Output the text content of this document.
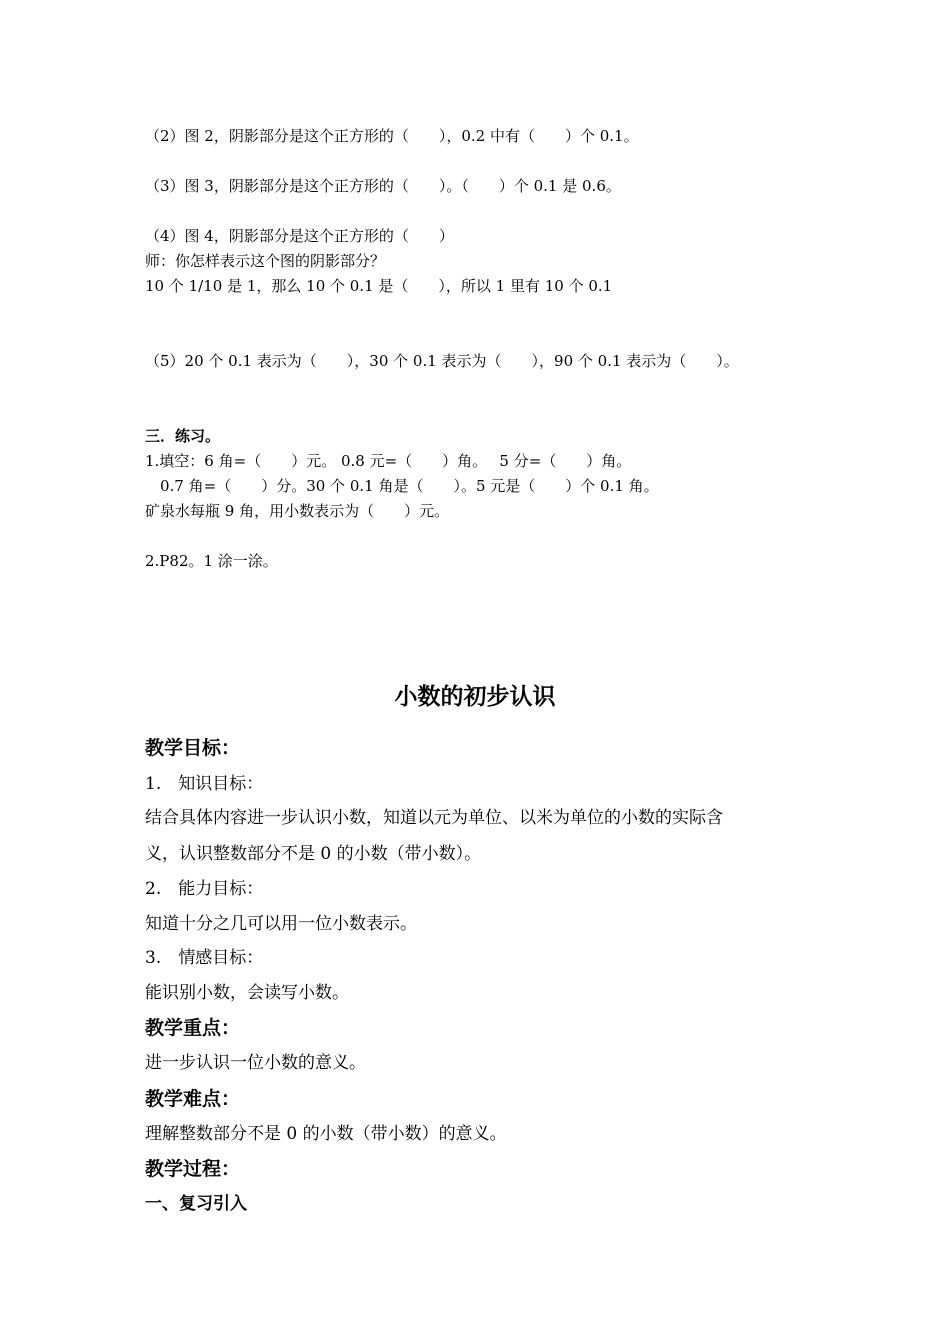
（2）图 2，阴影部分是这个正方形的（　　），0.2 中有（　　）个 0.1。
（3）图 3，阴影部分是这个正方形的（　　）。（　　）个 0.1 是 0.6。
（4）图 4，阴影部分是这个正方形的（　　）
师：你怎样表示这个图的阴影部分？
10 个 1/10 是 1，那么 10 个 0.1 是（　　），所以 1 里有 10 个 0.1
（5）20 个 0.1 表示为（　　），30 个 0.1 表示为（　　），90 个 0.1 表示为（　　）。
三．练习。
1.填空：6 角=（　　）元。 0.8 元=（　　）角。　 5 分=（　　）角。
　0.7 角=（　　）分。30 个 0.1 角是（　　）。5 元是（　　）个 0.1 角。
矿泉水每瓶 9 角，用小数表示为（　　）元。
2.P82。1 涂一涂。
小数的初步认识
教学目标：
1.　知识目标：
结合具体内容进一步认识小数，知道以元为单位、以米为单位的小数的实际含
义，认识整数部分不是 0 的小数（带小数）。
2.　能力目标：
知道十分之几可以用一位小数表示。
3.　情感目标：
能识别小数，会读写小数。
教学重点：
进一步认识一位小数的意义。
教学难点：
理解整数部分不是 0 的小数（带小数）的意义。
教学过程：
一、复习引入
